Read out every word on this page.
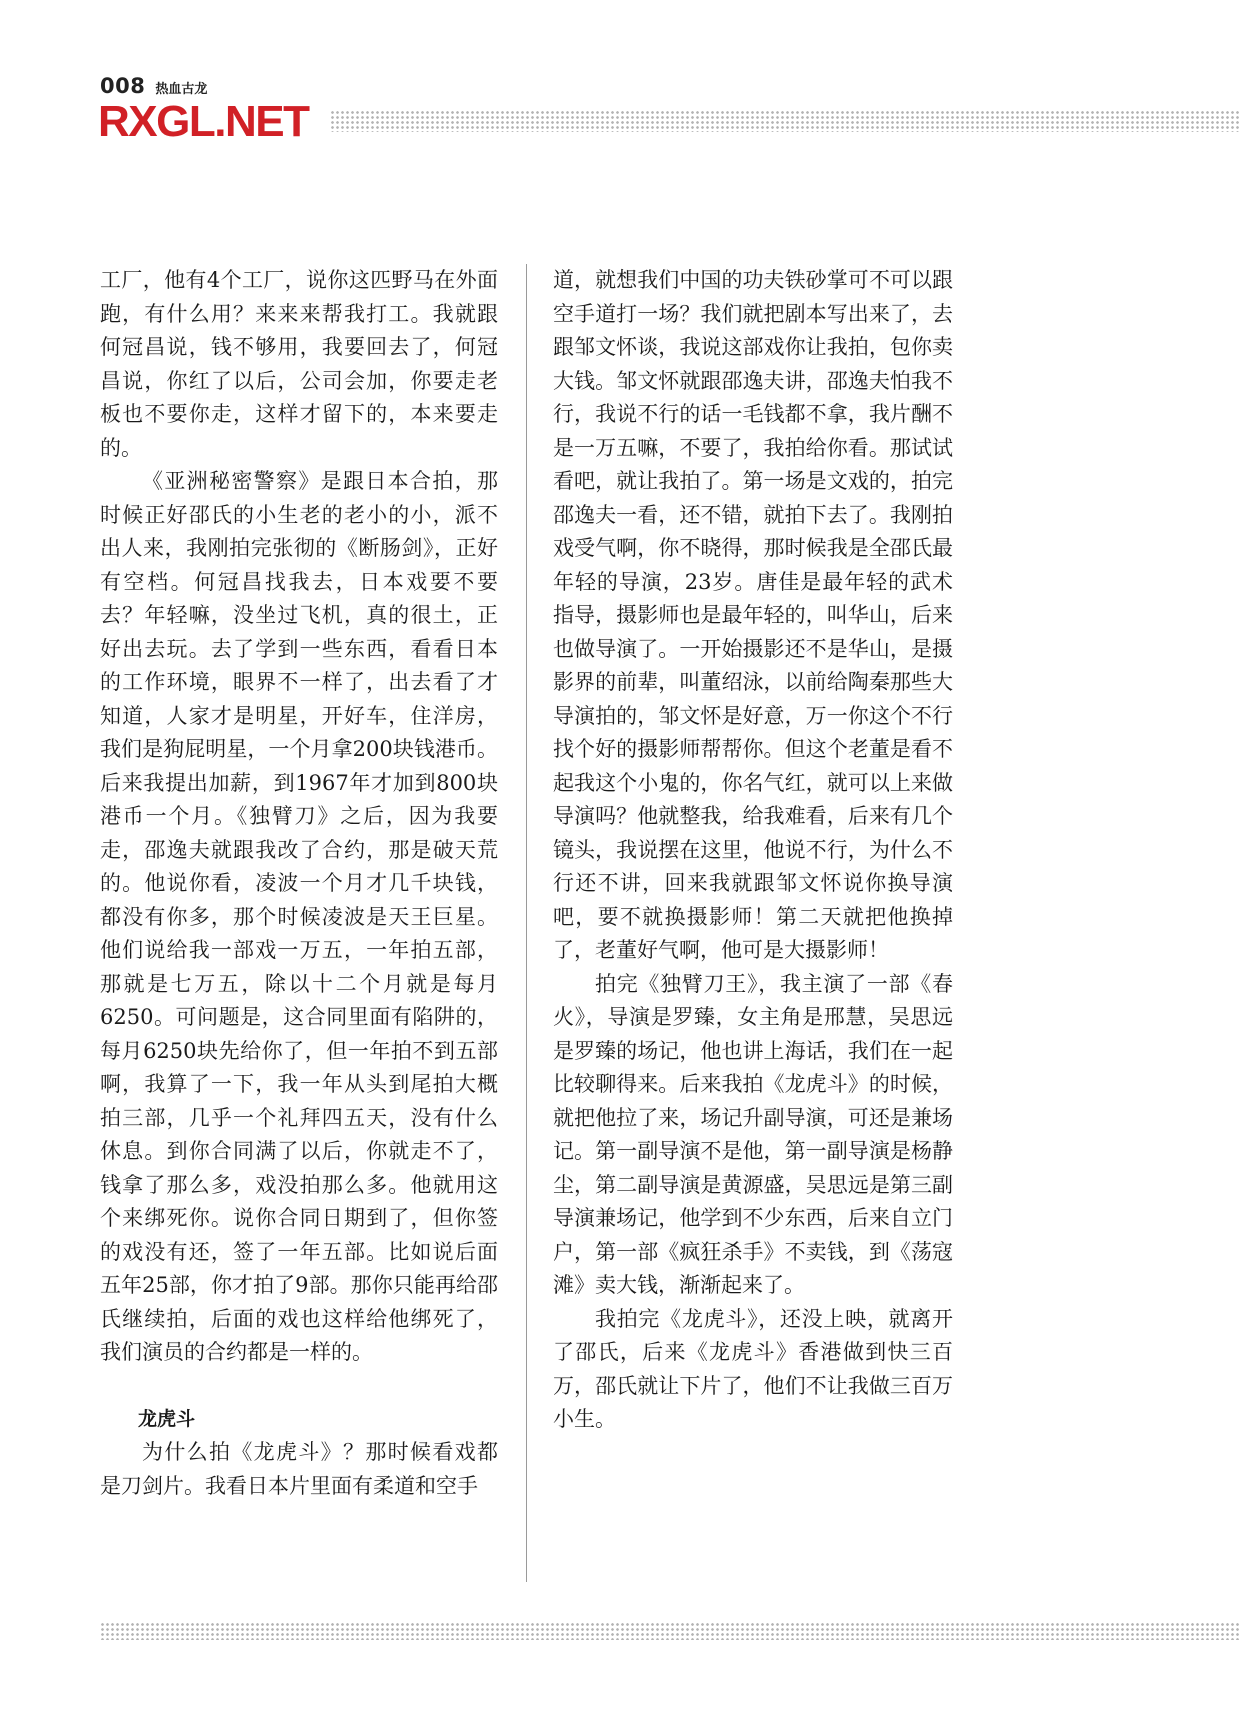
008 热血古龙
RXGL.NET

工厂，他有4个工厂，说你这匹野马在外面跑，有什么用？来来来帮我打工。我就跟何冠昌说，钱不够用，我要回去了，何冠昌说，你红了以后，公司会加，你要走老板也不要你走，这样才留下的，本来要走的。

《亚洲秘密警察》是跟日本合拍，那时候正好邵氏的小生老的老小的小，派不出人来，我刚拍完张彻的《断肠剑》，正好有空档。何冠昌找我去，日本戏要不要去？年轻嘛，没坐过飞机，真的很土，正好出去玩。去了学到一些东西，看看日本的工作环境，眼界不一样了，出去看了才知道，人家才是明星，开好车，住洋房，我们是狗屁明星，一个月拿200块钱港币。后来我提出加薪，到1967年才加到800块港币一个月。《独臂刀》之后，因为我要走，邵逸夫就跟我改了合约，那是破天荒的。他说你看，凌波一个月才几千块钱，都没有你多，那个时候凌波是天王巨星。他们说给我一部戏一万五，一年拍五部，那就是七万五，除以十二个月就是每月6250。可问题是，这合同里面有陷阱的，每月6250块先给你了，但一年拍不到五部啊，我算了一下，我一年从头到尾拍大概拍三部，几乎一个礼拜四五天，没有什么休息。到你合同满了以后，你就走不了，钱拿了那么多，戏没拍那么多。他就用这个来绑死你。说你合同日期到了，但你签的戏没有还，签了一年五部。比如说后面五年25部，你才拍了9部。那你只能再给邵氏继续拍，后面的戏也这样给他绑死了，我们演员的合约都是一样的。

龙虎斗

为什么拍《龙虎斗》？那时候看戏都是刀剑片。我看日本片里面有柔道和空手

道，就想我们中国的功夫铁砂掌可不可以跟空手道打一场？我们就把剧本写出来了，去跟邹文怀谈，我说这部戏你让我拍，包你卖大钱。邹文怀就跟邵逸夫讲，邵逸夫怕我不行，我说不行的话一毛钱都不拿，我片酬不是一万五嘛，不要了，我拍给你看。那试试看吧，就让我拍了。第一场是文戏的，拍完邵逸夫一看，还不错，就拍下去了。我刚拍戏受气啊，你不晓得，那时候我是全邵氏最年轻的导演，23岁。唐佳是最年轻的武术指导，摄影师也是最年轻的，叫华山，后来也做导演了。一开始摄影还不是华山，是摄影界的前辈，叫董绍泳，以前给陶秦那些大导演拍的，邹文怀是好意，万一你这个不行找个好的摄影师帮帮你。但这个老董是看不起我这个小鬼的，你名气红，就可以上来做导演吗？他就整我，给我难看，后来有几个镜头，我说摆在这里，他说不行，为什么不行还不讲，回来我就跟邹文怀说你换导演吧，要不就换摄影师！第二天就把他换掉了，老董好气啊，他可是大摄影师！

拍完《独臂刀王》，我主演了一部《春火》，导演是罗臻，女主角是邢慧，吴思远是罗臻的场记，他也讲上海话，我们在一起比较聊得来。后来我拍《龙虎斗》的时候，就把他拉了来，场记升副导演，可还是兼场记。第一副导演不是他，第一副导演是杨静尘，第二副导演是黄源盛，吴思远是第三副导演兼场记，他学到不少东西，后来自立门户，第一部《疯狂杀手》不卖钱，到《荡寇滩》卖大钱，渐渐起来了。

我拍完《龙虎斗》，还没上映，就离开了邵氏，后来《龙虎斗》香港做到快三百万，邵氏就让下片了，他们不让我做三百万小生。
